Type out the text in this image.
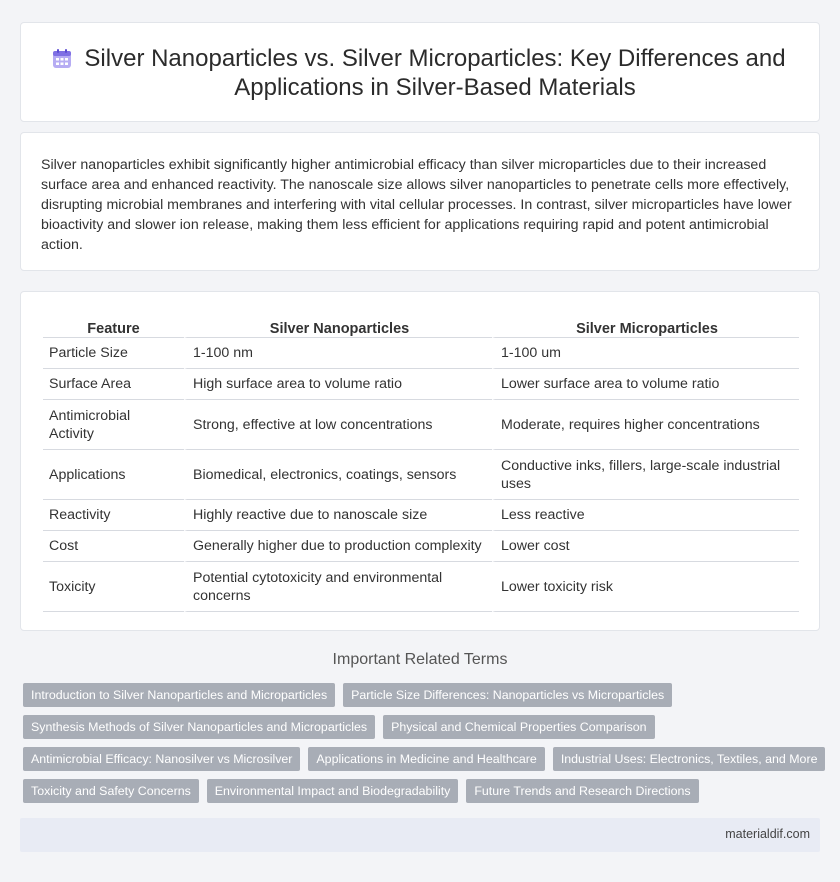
Silver Nanoparticles vs. Silver Microparticles: Key Differences and Applications in Silver-Based Materials

Silver nanoparticles exhibit significantly higher antimicrobial efficacy than silver microparticles due to their increased surface area and enhanced reactivity. The nanoscale size allows silver nanoparticles to penetrate cells more effectively, disrupting microbial membranes and interfering with vital cellular processes. In contrast, silver microparticles have lower bioactivity and slower ion release, making them less efficient for applications requiring rapid and potent antimicrobial action.

Feature	Silver Nanoparticles	Silver Microparticles
Particle Size	1-100 nm	1-100 um
Surface Area	High surface area to volume ratio	Lower surface area to volume ratio
Antimicrobial Activity	Strong, effective at low concentrations	Moderate, requires higher concentrations
Applications	Biomedical, electronics, coatings, sensors	Conductive inks, fillers, large-scale industrial uses
Reactivity	Highly reactive due to nanoscale size	Less reactive
Cost	Generally higher due to production complexity	Lower cost
Toxicity	Potential cytotoxicity and environmental concerns	Lower toxicity risk
Important Related Terms
Introduction to Silver Nanoparticles and Microparticles	Particle Size Differences: Nanoparticles vs Microparticles
Synthesis Methods of Silver Nanoparticles and Microparticles	Physical and Chemical Properties Comparison
Antimicrobial Efficacy: Nanosilver vs Microsilver	Applications in Medicine and Healthcare	Industrial Uses: Electronics, Textiles, and More
Toxicity and Safety Concerns	Environmental Impact and Biodegradability	Future Trends and Research Directions
materialdif.com
